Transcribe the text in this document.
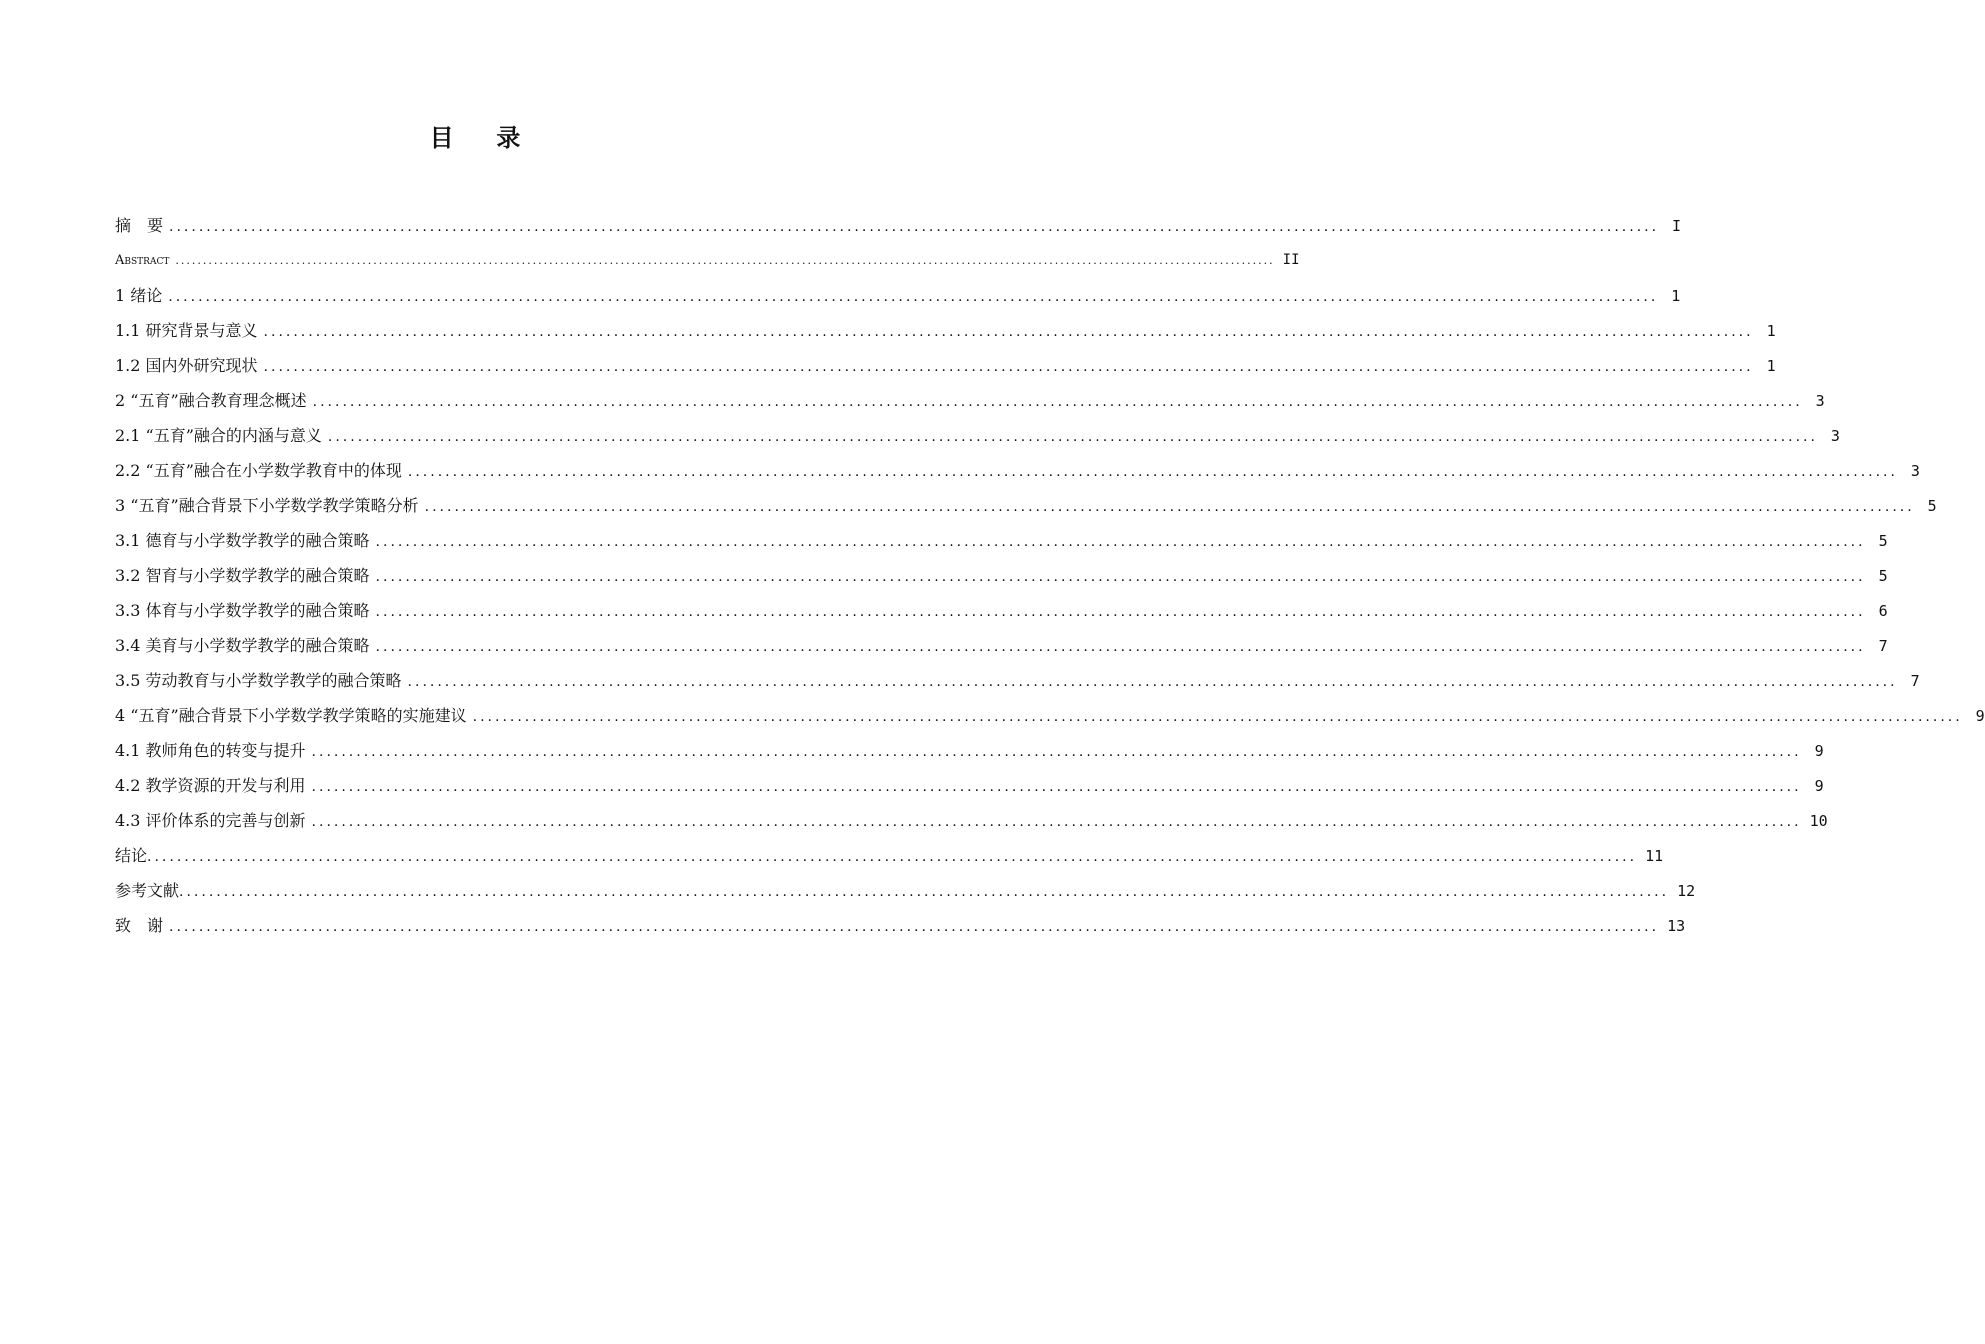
目 录
摘　要 ........................................................................................................................................................................................................ I
Abstract ........................................................................................................................................................................................................ II
1 绪论 ........................................................................................................................................................................................................ 1
1.1 研究背景与意义 ........................................................................................................................................................................................................ 1
1.2 国内外研究现状 ........................................................................................................................................................................................................ 1
2 “五育”融合教育理念概述 ........................................................................................................................................................................................................ 3
2.1 “五育”融合的内涵与意义 ........................................................................................................................................................................................................ 3
2.2 “五育”融合在小学数学教育中的体现 ........................................................................................................................................................................................................ 3
3 “五育”融合背景下小学数学教学策略分析 ........................................................................................................................................................................................................ 5
3.1 德育与小学数学教学的融合策略 ........................................................................................................................................................................................................ 5
3.2 智育与小学数学教学的融合策略 ........................................................................................................................................................................................................ 5
3.3 体育与小学数学教学的融合策略 ........................................................................................................................................................................................................ 6
3.4 美育与小学数学教学的融合策略 ........................................................................................................................................................................................................ 7
3.5 劳动教育与小学数学教学的融合策略 ........................................................................................................................................................................................................ 7
4 “五育”融合背景下小学数学教学策略的实施建议 ........................................................................................................................................................................................................ 9
4.1 教师角色的转变与提升 ........................................................................................................................................................................................................ 9
4.2 教学资源的开发与利用 ........................................................................................................................................................................................................ 9
4.3 评价体系的完善与创新 ........................................................................................................................................................................................................ 10
结论 ........................................................................................................................................................................................................ 11
参考文献 ........................................................................................................................................................................................................ 12
致　谢 ........................................................................................................................................................................................................ 13
